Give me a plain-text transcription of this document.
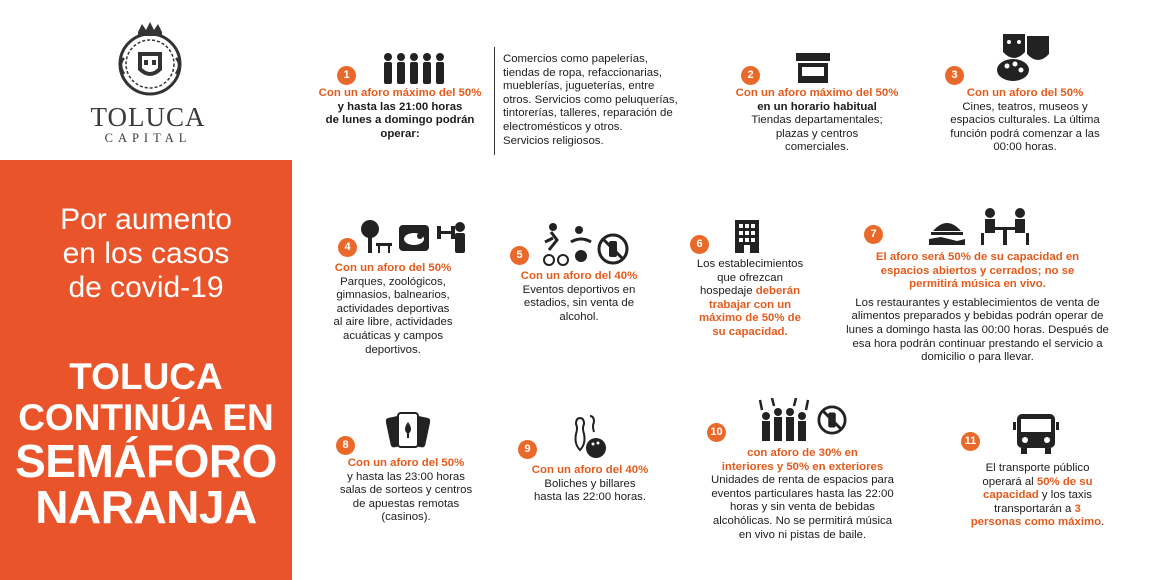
TOLUCA
CAPITAL
Por aumento
en los casos
de covid-19
TOLUCA
CONTINÚA EN
SEMÁFORO
NARANJA
1
Con un aforo máximo del 50%
y hasta las 21:00 horas
de lunes a domingo podrán
operar:
Comercios como papelerías,
tiendas de ropa, refaccionarias,
mueblerías, jugueterías, entre
otros. Servicios como peluquerías,
tintorerías, talleres, reparación de
electromésticos y otros.
Servicios religiosos.
2
Con un aforo máximo del 50%
en un horario habitual
Tiendas departamentales;
plazas y centros
comerciales.
3
Con un aforo del 50%
Cines, teatros, museos y
espacios culturales. La última
función podrá comenzar a las
00:00 horas.
4
Con un aforo del 50%
Parques, zoológicos,
gimnasios, balnearios,
actividades deportivas
al aire libre, actividades
acuáticas y campos
deportivos.
5
Con un aforo del 40%
Eventos deportivos en
estadios, sin venta de
alcohol.
6
Los establecimientos
que ofrezcan
hospedaje deberán
trabajar con un
máximo de 50% de
su capacidad.
7
El aforo será 50% de su capacidad en
espacios abiertos y cerrados; no se
permitirá música en vivo.
Los restaurantes y establecimientos de venta de
alimentos preparados y bebidas podrán operar de
lunes a domingo hasta las 00:00 horas. Después de
esa hora podrán continuar prestando el servicio a
domicilio o para llevar.
8
Con un aforo del 50%
y hasta las 23:00 horas
salas de sorteos y centros
de apuestas remotas
(casinos).
9
Con un aforo del 40%
Boliches y billares
hasta las 22:00 horas.
10
con aforo de 30% en
interiores y 50% en exteriores
Unidades de renta de espacios para
eventos particulares hasta las 22:00
horas y sin venta de bebidas
alcohólicas. No se permitirá música
en vivo ni pistas de baile.
11
El transporte público
operará al 50% de su
capacidad y los taxis
transportarán a 3
personas como máximo.
